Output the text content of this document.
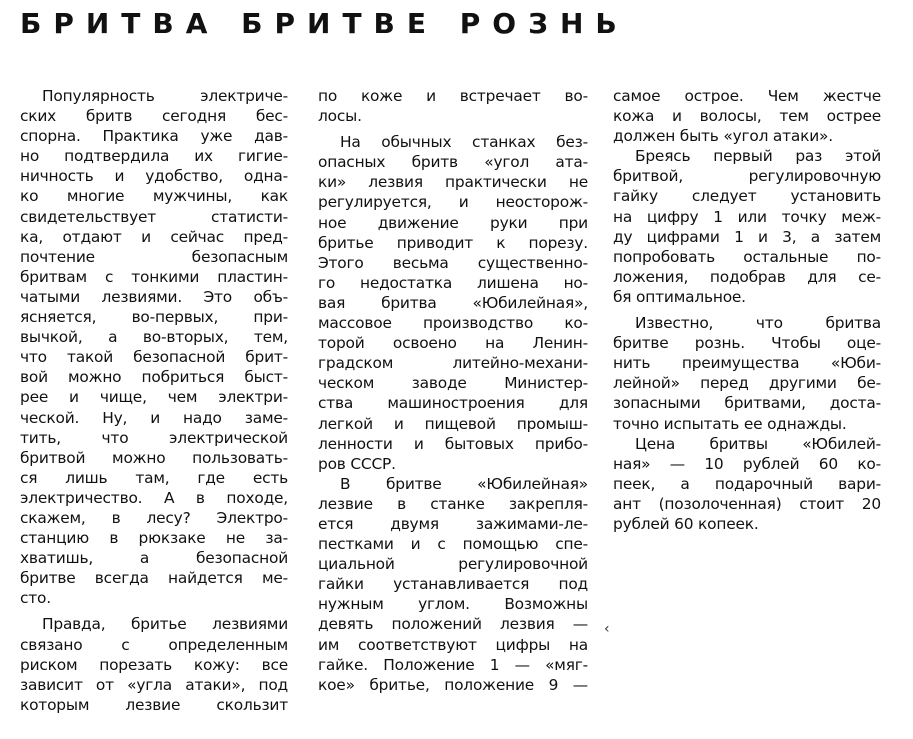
БРИТВА БРИТВЕ РОЗНЬ
Популярность электриче-
ских бритв сегодня бес-
спорна. Практика уже дав-
но подтвердила их гигие-
ничность и удобство, одна-
ко многие мужчины, как
свидетельствует статисти-
ка, отдают и сейчас пред-
почтение безопасным
бритвам с тонкими пластин-
чатыми лезвиями. Это объ-
ясняется, во-первых, при-
вычкой, а во-вторых, тем,
что такой безопасной брит-
вой можно побриться быст-
рее и чище, чем электри-
ческой. Ну, и надо заме-
тить, что электрической
бритвой можно пользовать-
ся лишь там, где есть
электричество. А в походе,
скажем, в лесу? Электро-
станцию в рюкзаке не за-
хватишь, а безопасной
бритве всегда найдется ме-
сто.
Правда, бритье лезвиями
связано с определенным
риском порезать кожу: все
зависит от «угла атаки», под
которым лезвие скользит
по коже и встречает во-
лосы.
На обычных станках без-
опасных бритв «угол ата-
ки» лезвия практически не
регулируется, и неосторож-
ное движение руки при
бритье приводит к порезу.
Этого весьма существенно-
го недостатка лишена но-
вая бритва «Юбилейная»,
массовое производство ко-
торой освоено на Ленин-
градском литейно-механи-
ческом заводе Министер-
ства машиностроения для
легкой и пищевой промыш-
ленности и бытовых прибо-
ров СССР.
В бритве «Юбилейная»
лезвие в станке закрепля-
ется двумя зажимами-ле-
пестками и с помощью спе-
циальной регулировочной
гайки устанавливается под
нужным углом. Возможны
девять положений лезвия —
им соответствуют цифры на
гайке. Положение 1 — «мяг-
кое» бритье, положение 9 —
самое острое. Чем жестче
кожа и волосы, тем острее
должен быть «угол атаки».
Бреясь первый раз этой
бритвой, регулировочную
гайку следует установить
на цифру 1 или точку меж-
ду цифрами 1 и 3, а затем
попробовать остальные по-
ложения, подобрав для се-
бя оптимальное.
Известно, что бритва
бритве рознь. Чтобы оце-
нить преимущества «Юби-
лейной» перед другими бе-
зопасными бритвами, доста-
точно испытать ее однажды.
Цена бритвы «Юбилей-
ная» — 10 рублей 60 ко-
пеек, а подарочный вари-
ант (позолоченная) стоит 20
рублей 60 копеек.
‹
